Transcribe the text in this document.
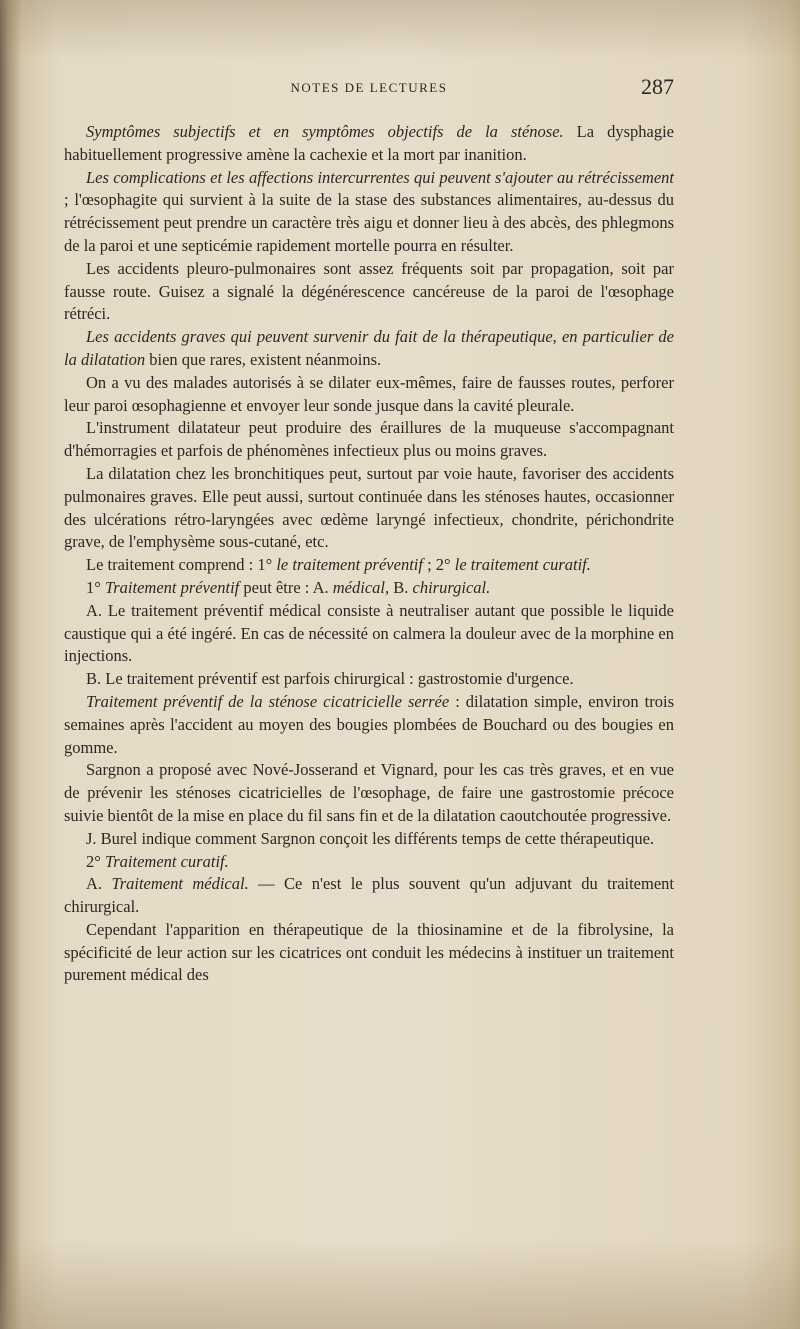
NOTES DE LECTURES	287

Symptômes subjectifs et en symptômes objectifs de la sténose. La dysphagie habituellement progressive amène la cachexie et la mort par inanition.

Les complications et les affections intercurrentes qui peuvent s'ajouter au rétrécissement ; l'œsophagite qui survient à la suite de la stase des substances alimentaires, au-dessus du rétrécissement peut prendre un caractère très aigu et donner lieu à des abcès, des phlegmons de la paroi et une septicémie rapidement mortelle pourra en résulter.

Les accidents pleuro-pulmonaires sont assez fréquents soit par propagation, soit par fausse route. Guisez a signalé la dégénérescence cancéreuse de la paroi de l'œsophage rétréci.

Les accidents graves qui peuvent survenir du fait de la thérapeutique, en particulier de la dilatation bien que rares, existent néanmoins.

On a vu des malades autorisés à se dilater eux-mêmes, faire de fausses routes, perforer leur paroi œsophagienne et envoyer leur sonde jusque dans la cavité pleurale.

L'instrument dilatateur peut produire des éraillures de la muqueuse s'accompagnant d'hémorragies et parfois de phénomènes infectieux plus ou moins graves.

La dilatation chez les bronchitiques peut, surtout par voie haute, favoriser des accidents pulmonaires graves. Elle peut aussi, surtout continuée dans les sténoses hautes, occasionner des ulcérations rétro-laryngées avec œdème laryngé infectieux, chondrite, périchondrite grave, de l'emphysème sous-cutané, etc.

Le traitement comprend : 1° le traitement préventif ; 2° le traitement curatif.

1° Traitement préventif peut être : A. médical, B. chirurgical.

A. Le traitement préventif médical consiste à neutraliser autant que possible le liquide caustique qui a été ingéré. En cas de nécessité on calmera la douleur avec de la morphine en injections.

B. Le traitement préventif est parfois chirurgical : gastrostomie d'urgence.

Traitement préventif de la sténose cicatricielle serrée : dilatation simple, environ trois semaines après l'accident au moyen des bougies plombées de Bouchard ou des bougies en gomme.

Sargnon a proposé avec Nové-Josserand et Vignard, pour les cas très graves, et en vue de prévenir les sténoses cicatricielles de l'œsophage, de faire une gastrostomie précoce suivie bientôt de la mise en place du fil sans fin et de la dilatation caoutchoutée progressive.

J. Burel indique comment Sargnon conçoit les différents temps de cette thérapeutique.

2° Traitement curatif.

A. Traitement médical. — Ce n'est le plus souvent qu'un adjuvant du traitement chirurgical.

Cependant l'apparition en thérapeutique de la thiosinamine et de la fibrolysine, la spécificité de leur action sur les cicatrices ont conduit les médecins à instituer un traitement purement médical des
